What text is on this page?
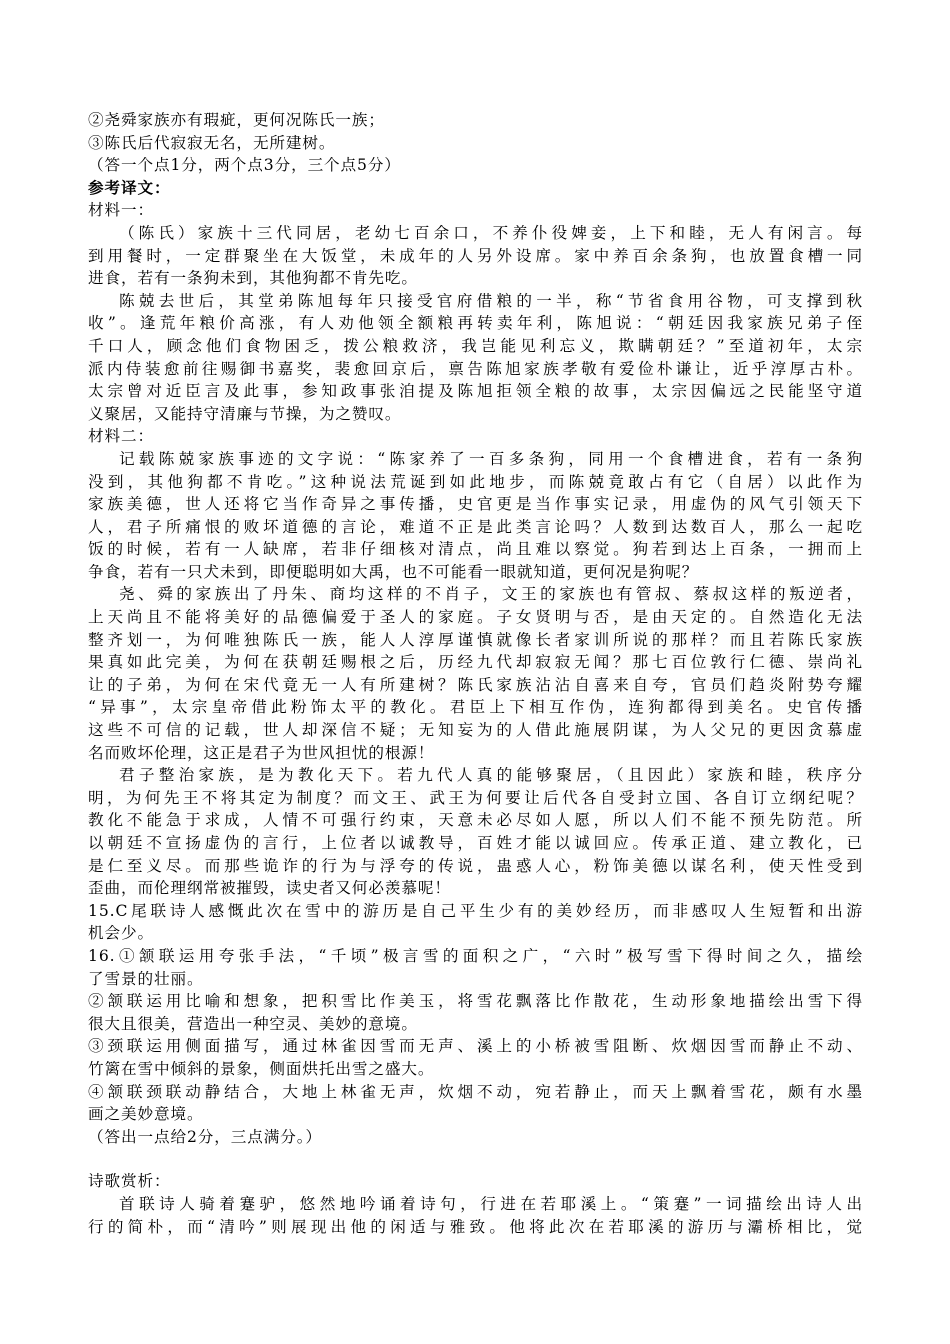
②尧舜家族亦有瑕疵，更何况陈氏一族；
③陈氏后代寂寂无名，无所建树。
（答一个点1分，两个点3分，三个点5分）
参考译文：
材料一：
（陈氏）家族十三代同居，老幼七百余口，不养仆役婢妾，上下和睦，无人有闲言。每
到用餐时，一定群聚坐在大饭堂，未成年的人另外设席。家中养百余条狗，也放置食槽一同
进食，若有一条狗未到，其他狗都不肯先吃。
陈兢去世后，其堂弟陈旭每年只接受官府借粮的一半，称“节省食用谷物，可支撑到秋
收”。逢荒年粮价高涨，有人劝他领全额粮再转卖年利，陈旭说：“朝廷因我家族兄弟子侄
千口人，顾念他们食物困乏，拨公粮救济，我岂能见利忘义，欺瞒朝廷？”至道初年，太宗
派内侍装愈前往赐御书嘉奖，裴愈回京后，禀告陈旭家族孝敬有爱俭朴谦让，近乎淳厚古朴。
太宗曾对近臣言及此事，参知政事张洎提及陈旭拒领全粮的故事，太宗因偏远之民能坚守道
义聚居，又能持守清廉与节操，为之赞叹。
材料二：
记载陈兢家族事迹的文字说：“陈家养了一百多条狗，同用一个食槽进食，若有一条狗
没到，其他狗都不肯吃。”这种说法荒诞到如此地步，而陈兢竟敢占有它（自居）以此作为
家族美德，世人还将它当作奇异之事传播，史官更是当作事实记录，用虚伪的风气引领天下
人，君子所痛恨的败坏道德的言论，难道不正是此类言论吗？人数到达数百人，那么一起吃
饭的时候，若有一人缺席，若非仔细核对清点，尚且难以察觉。狗若到达上百条，一拥而上
争食，若有一只犬未到，即便聪明如大禹，也不可能看一眼就知道，更何况是狗呢？
尧、舜的家族出了丹朱、商均这样的不肖子，文王的家族也有管叔、蔡叔这样的叛逆者，
上天尚且不能将美好的品德偏爱于圣人的家庭。子女贤明与否，是由天定的。自然造化无法
整齐划一，为何唯独陈氏一族，能人人淳厚谨慎就像长者家训所说的那样？而且若陈氏家族
果真如此完美，为何在获朝廷赐根之后，历经九代却寂寂无闻？那七百位敦行仁德、崇尚礼
让的子弟，为何在宋代竟无一人有所建树？陈氏家族沾沾自喜来自夸，官员们趋炎附势夸耀
“异事”，太宗皇帝借此粉饰太平的教化。君臣上下相互作伪，连狗都得到美名。史官传播
这些不可信的记载，世人却深信不疑；无知妄为的人借此施展阴谋，为人父兄的更因贪慕虚
名而败坏伦理，这正是君子为世风担忧的根源！
君子整治家族，是为教化天下。若九代人真的能够聚居，（且因此）家族和睦，秩序分
明，为何先王不将其定为制度？而文王、武王为何要让后代各自受封立国、各自订立纲纪呢？
教化不能急于求成，人情不可强行约束，天意未必尽如人愿，所以人们不能不预先防范。所
以朝廷不宣扬虚伪的言行，上位者以诚教导，百姓才能以诚回应。传承正道、建立教化，已
是仁至义尽。而那些诡诈的行为与浮夸的传说，蛊惑人心，粉饰美德以谋名利，使天性受到
歪曲，而伦理纲常被摧毁，读史者又何必羡慕呢！
15.C尾联诗人感慨此次在雪中的游历是自己平生少有的美妙经历，而非感叹人生短暂和出游
机会少。
16.①颔联运用夸张手法，“千顷”极言雪的面积之广，“六时”极写雪下得时间之久，描绘
了雪景的壮丽。
②颔联运用比喻和想象，把积雪比作美玉，将雪花飘落比作散花，生动形象地描绘出雪下得
很大且很美，营造出一种空灵、美妙的意境。
③颈联运用侧面描写，通过林雀因雪而无声、溪上的小桥被雪阻断、炊烟因雪而静止不动、
竹篱在雪中倾斜的景象，侧面烘托出雪之盛大。
④颔联颈联动静结合，大地上林雀无声，炊烟不动，宛若静止，而天上飘着雪花，颇有水墨
画之美妙意境。
（答出一点给2分，三点满分。）
诗歌赏析：
首联诗人骑着蹇驴，悠然地吟诵着诗句，行进在若耶溪上。“策蹇”一词描绘出诗人出
行的简朴，而“清吟”则展现出他的闲适与雅致。他将此次在若耶溪的游历与灞桥相比，觉
